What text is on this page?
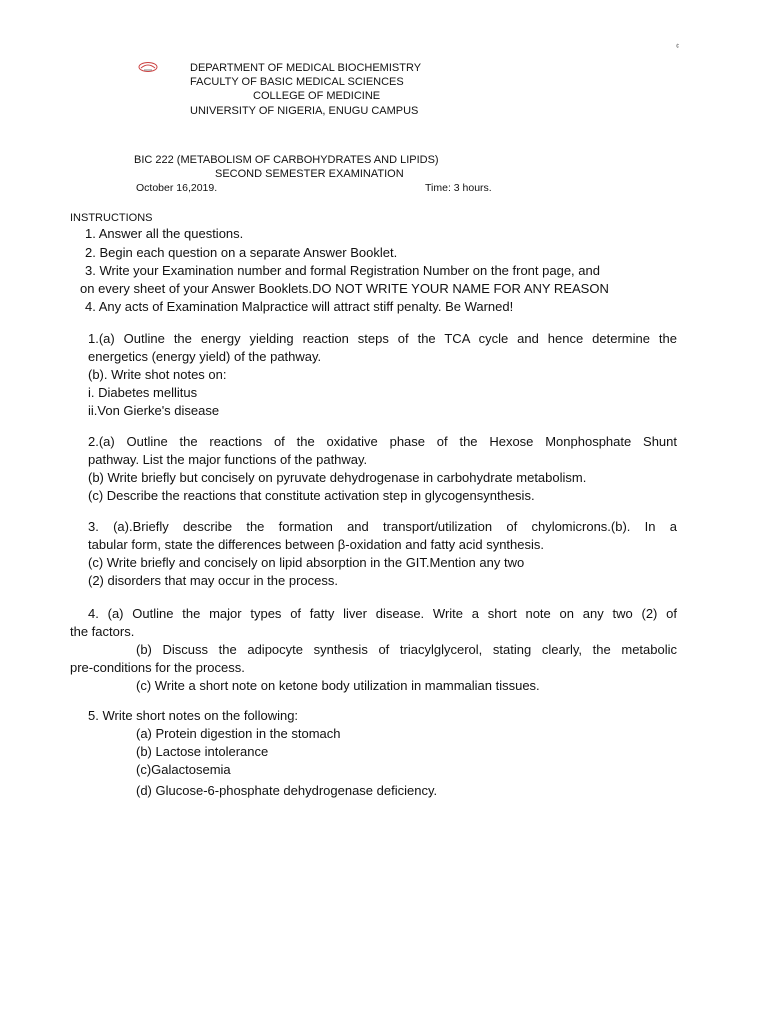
¢
DEPARTMENT OF MEDICAL BIOCHEMISTRY
FACULTY OF BASIC MEDICAL SCIENCES
COLLEGE OF MEDICINE
UNIVERSITY OF NIGERIA, ENUGU CAMPUS
BIC 222 (METABOLISM OF CARBOHYDRATES AND LIPIDS)
SECOND SEMESTER EXAMINATION
October 16,2019.	Time: 3 hours.
INSTRUCTIONS
1. Answer all the questions.
2. Begin each question on a separate Answer Booklet.
3. Write your Examination number and formal Registration Number on the front page, and
on every sheet of your Answer Booklets.DO NOT WRITE YOUR NAME FOR ANY REASON
4. Any acts of Examination Malpractice will attract stiff penalty. Be Warned!
1.(a) Outline the energy yielding reaction steps of the TCA cycle and hence determine the
energetics (energy yield) of the pathway.
(b). Write shot notes on:
i. Diabetes mellitus
ii.Von Gierke's disease
2.(a) Outline the reactions of the oxidative phase of the Hexose Monphosphate Shunt
pathway. List the major functions of the pathway.
(b) Write briefly but concisely on pyruvate dehydrogenase in carbohydrate metabolism.
(c) Describe the reactions that constitute activation step in glycogensynthesis.
3. (a).Briefly describe the formation and transport/utilization of chylomicrons.(b). In a
tabular form, state the differences between β-oxidation and fatty acid synthesis.
(c) Write briefly and concisely on lipid absorption in the GIT.Mention any two
(2) disorders that may occur in the process.
4. (a) Outline the major types of fatty liver disease. Write a short note on any two (2) of
the factors.
(b) Discuss the adipocyte synthesis of triacylglycerol, stating clearly, the metabolic
pre-conditions for the process.
(c) Write a short note on ketone body utilization in mammalian tissues.
5. Write short notes on the following:
(a) Protein digestion in the stomach
(b) Lactose intolerance
(c)Galactosemia
(d) Glucose-6-phosphate dehydrogenase deficiency.
